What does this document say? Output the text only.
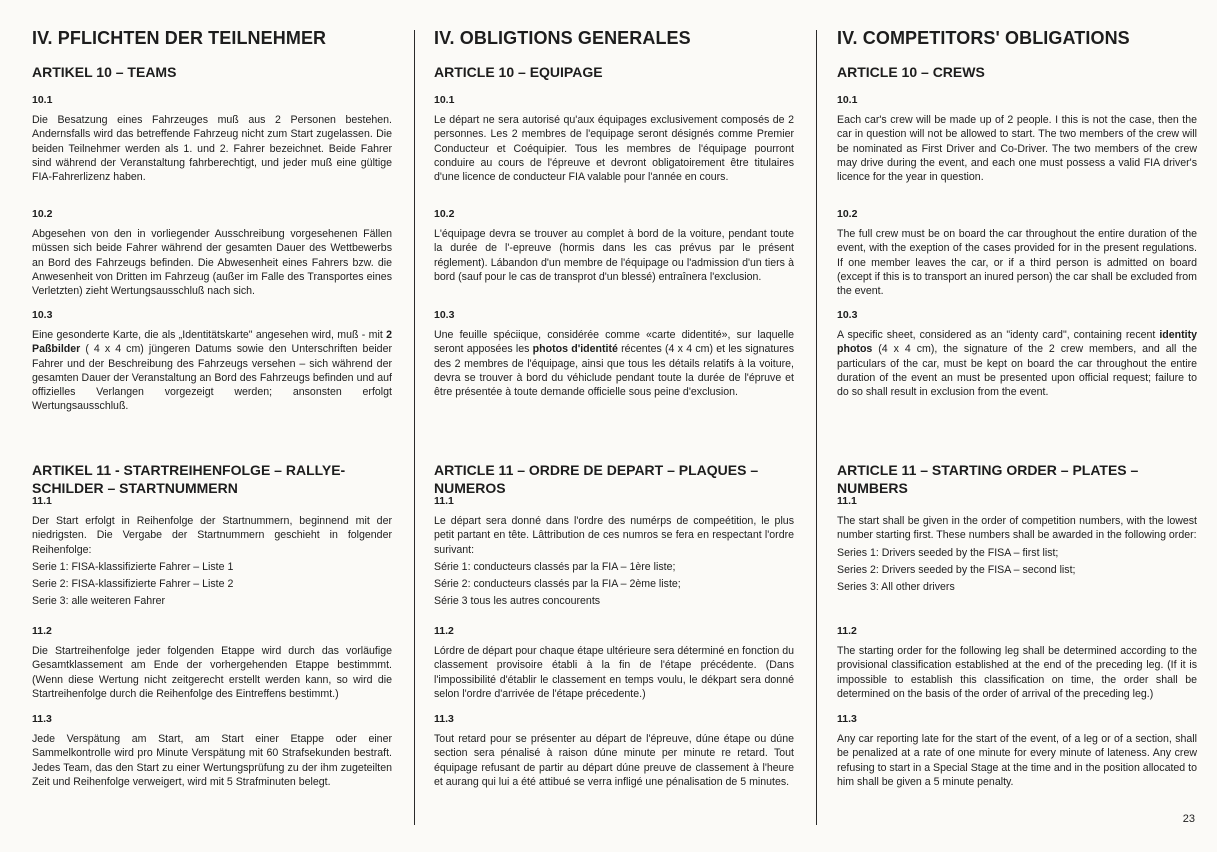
IV. PFLICHTEN DER TEILNEHMER
ARTIKEL 10 – TEAMS
10.1
Die Besatzung eines Fahrzeuges muß aus 2 Personen bestehen. Andernsfalls wird das betreffende Fahrzeug nicht zum Start zugelassen. Die beiden Teilnehmer werden als 1. und 2. Fahrer bezeichnet. Beide Fahrer sind während der Veranstaltung fahrberechtigt, und jeder muß eine gültige FIA-Fahrerlizenz haben.
10.2
Abgesehen von den in vorliegender Ausschreibung vorgesehenen Fällen müssen sich beide Fahrer während der gesamten Dauer des Wettbewerbs an Bord des Fahrzeugs befinden. Die Abwesenheit eines Fahrers bzw. die Anwesenheit von Dritten im Fahrzeug (außer im Falle des Transportes eines Verletzten) zieht Wertungsausschluß nach sich.
10.3
Eine gesonderte Karte, die als „Identitätskarte" angesehen wird, muß - mit 2 Paßbilder ( 4 x 4 cm) jüngeren Datums sowie den Unterschriften beider Fahrer und der Beschreibung des Fahrzeugs versehen – sich während der gesamten Dauer der Veranstaltung an Bord des Fahrzeugs befinden und auf offizielles Verlangen vorgezeigt werden; ansonsten erfolgt Wertungsausschluß.
ARTIKEL 11 - STARTREIHENFOLGE – RALLYE-SCHILDER – STARTNUMMERN
11.1
Der Start erfolgt in Reihenfolge der Startnummern, beginnend mit der niedrigsten. Die Vergabe der Startnummern geschieht in folgender Reihenfolge:
Serie 1: FISA-klassifizierte Fahrer – Liste 1
Serie 2: FISA-klassifizierte Fahrer – Liste 2
Serie 3: alle weiteren Fahrer
11.2
Die Startreihenfolge jeder folgenden Etappe wird durch das vorläufige Gesamtklassement am Ende der vorhergehenden Etappe bestimmmt. (Wenn diese Wertung nicht zeitgerecht erstellt werden kann, so wird die Startreihenfolge durch die Reihenfolge des Eintreffens bestimmt.)
11.3
Jede Verspätung am Start, am Start einer Etappe oder einer Sammelkontrolle wird pro Minute Verspätung mit 60 Strafsekunden bestraft. Jedes Team, das den Start zu einer Wertungsprüfung zu der ihm zugeteilten Zeit und Reihenfolge verweigert, wird mit 5 Strafminuten belegt.
IV. OBLIGTIONS GENERALES
ARTICLE 10 – EQUIPAGE
10.1
Le départ ne sera autorisé qu'aux équipages exclusivement composés de 2 personnes. Les 2 membres de l'equipage seront désignés comme Premier Conducteur et Coéquipier. Tous les membres de l'équipage pourront conduire au cours de l'épreuve et devront obligatoirement être titulaires d'une licence de conducteur FIA valable pour l'année en cours.
10.2
L'équipage devra se trouver au complet à bord de la voiture, pendant toute la durée de l'-epreuve (hormis dans les cas prévus par le présent réglement). Lábandon d'un membre de l'équipage ou l'admission d'un tiers à bord (sauf pour le cas de transprot d'un blessé) entraînera l'exclusion.
10.3
Une feuille spéciique, considérée comme «carte didentité», sur laquelle seront apposées les photos d'identité récentes (4 x 4 cm) et les signatures des 2 membres de l'équipage, ainsi que tous les détails relatifs à la voiture, devra se trouver à bord du véhiclude pendant toute la durée de l'épruve et être présentée à toute demande officielle sous peine d'exclusion.
ARTICLE 11 – ORDRE DE DEPART – PLAQUES – NUMEROS
11.1
Le départ sera donné dans l'ordre des numérps de compeétition, le plus petit partant en tête. Lâttribution de ces numros se fera en respectant l'ordre surivant:
Série 1: conducteurs classés par la FIA – 1ère liste;
Série 2: conducteurs classés par la FIA – 2ème liste;
Série 3 tous les autres concourents
11.2
Lórdre de départ pour chaque étape ultérieure sera déterminé en fonction du classement provisoire établi à la fin de l'étape précédente. (Dans l'impossibilité d'établir le classement en temps voulu, le dékpart sera donné selon l'ordre d'arrivée de l'étape précedente.)
11.3
Tout retard pour se présenter au départ de l'épreuve, dúne étape ou dúne section sera pénalisé à raison dúne minute per minute re retard. Tout équipage refusant de partir au départ dúne preuve de classement à l'heure et aurang qui lui a été attibué se verra infligé une pénalisation de 5 minutes.
IV. COMPETITORS' OBLIGATIONS
ARTICLE 10 – CREWS
10.1
Each car's crew will be made up of 2 people. I this is not the case, then the car in question will not be allowed to start. The two members of the crew will be nominated as First Driver and Co-Driver. The two members of the crew may drive during the event, and each one must possess a valid FIA driver's licence for the year in question.
10.2
The full crew must be on board the car throughout the entire duration of the event, with the exeption of the cases provided for in the present regulations. If one member leaves the car, or if a third person is admitted on board (except if this is to transport an inured person) the car shall be excluded from the event.
10.3
A specific sheet, considered as an "identy card", containing recent identity photos (4 x 4 cm), the signature of the 2 crew members, and all the particulars of the car, must be kept on board the car throughout the entire duration of the event an must be presented upon official request; failure to do so shall result in exclusion from the event.
ARTICLE 11 – STARTING ORDER – PLATES – NUMBERS
11.1
The start shall be given in the order of competition numbers, with the lowest number starting first. These numbers shall be awarded in the following order:
Series 1: Drivers seeded by the FISA – first list;
Series 2: Drivers seeded by the FISA – second list;
Series 3: All other drivers
11.2
The starting order for the following leg shall be determined according to the provisional classification established at the end of the preceding leg. (If it is impossible to establish this classification on time, the order shall be determined on the basis of the order of arrival of the preceding leg.)
11.3
Any car reporting late for the start of the event, of a leg or of a section, shall be penalized at a rate of one minute for every minute of lateness. Any crew refusing to start in a Special Stage at the time and in the position allocated to him shall be given a 5 minute penalty.
23
